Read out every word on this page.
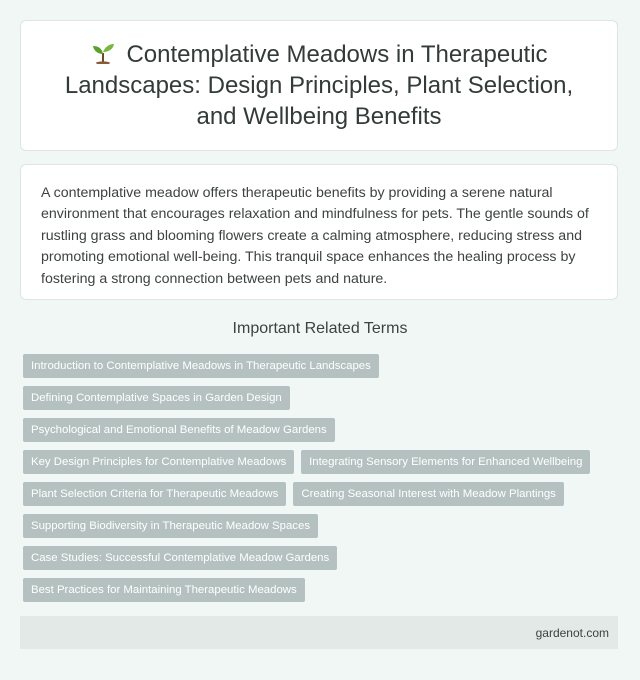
Contemplative Meadows in Therapeutic Landscapes: Design Principles, Plant Selection, and Wellbeing Benefits

A contemplative meadow offers therapeutic benefits by providing a serene natural environment that encourages relaxation and mindfulness for pets. The gentle sounds of rustling grass and blooming flowers create a calming atmosphere, reducing stress and promoting emotional well-being. This tranquil space enhances the healing process by fostering a strong connection between pets and nature.

Important Related Terms
Introduction to Contemplative Meadows in Therapeutic Landscapes
Defining Contemplative Spaces in Garden Design
Psychological and Emotional Benefits of Meadow Gardens
Key Design Principles for Contemplative Meadows	Integrating Sensory Elements for Enhanced Wellbeing
Plant Selection Criteria for Therapeutic Meadows	Creating Seasonal Interest with Meadow Plantings
Supporting Biodiversity in Therapeutic Meadow Spaces
Case Studies: Successful Contemplative Meadow Gardens
Best Practices for Maintaining Therapeutic Meadows
gardenot.com
